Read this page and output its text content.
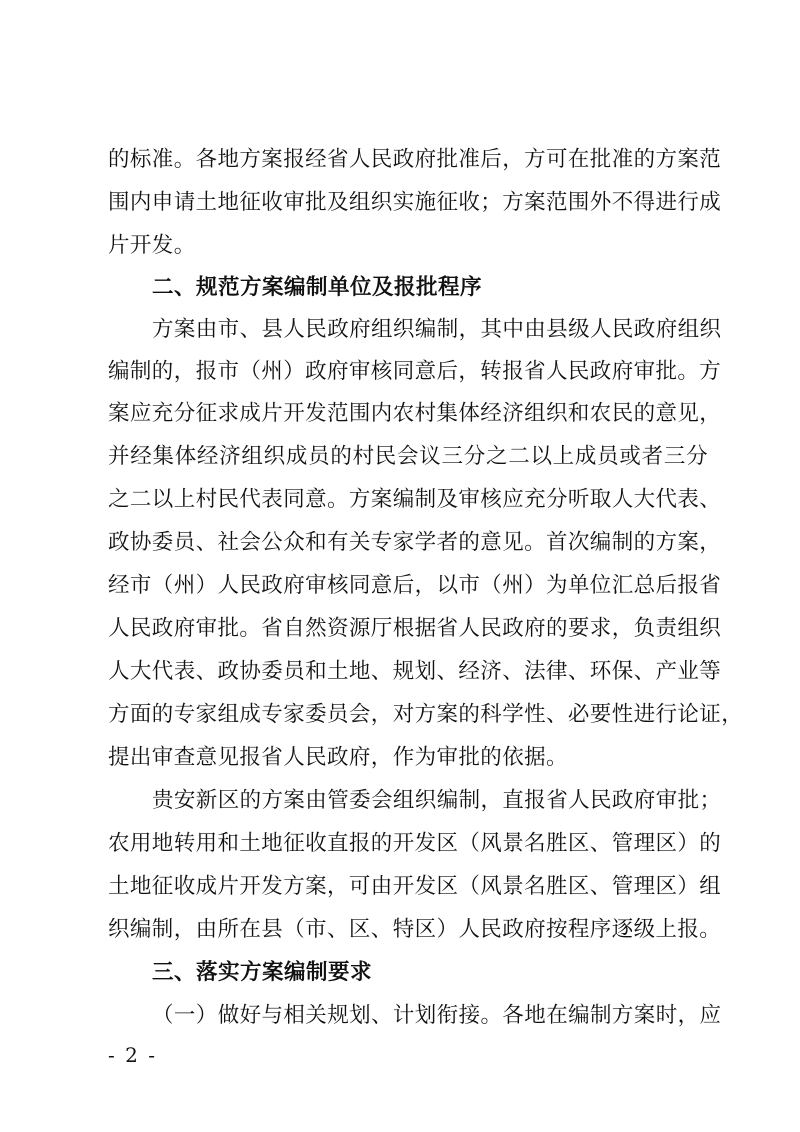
的标准。各地方案报经省人民政府批准后，方可在批准的方案范
围内申请土地征收审批及组织实施征收；方案范围外不得进行成
片开发。
二、规范方案编制单位及报批程序
方案由市、县人民政府组织编制，其中由县级人民政府组织
编制的，报市（州）政府审核同意后，转报省人民政府审批。方
案应充分征求成片开发范围内农村集体经济组织和农民的意见，
并经集体经济组织成员的村民会议三分之二以上成员或者三分
之二以上村民代表同意。方案编制及审核应充分听取人大代表、
政协委员、社会公众和有关专家学者的意见。首次编制的方案，
经市（州）人民政府审核同意后，以市（州）为单位汇总后报省
人民政府审批。省自然资源厅根据省人民政府的要求，负责组织
人大代表、政协委员和土地、规划、经济、法律、环保、产业等
方面的专家组成专家委员会，对方案的科学性、必要性进行论证，
提出审查意见报省人民政府，作为审批的依据。
贵安新区的方案由管委会组织编制，直报省人民政府审批；
农用地转用和土地征收直报的开发区（风景名胜区、管理区）的
土地征收成片开发方案，可由开发区（风景名胜区、管理区）组
织编制，由所在县（市、区、特区）人民政府按程序逐级上报。
三、落实方案编制要求
（一）做好与相关规划、计划衔接。各地在编制方案时，应
- 2 -
